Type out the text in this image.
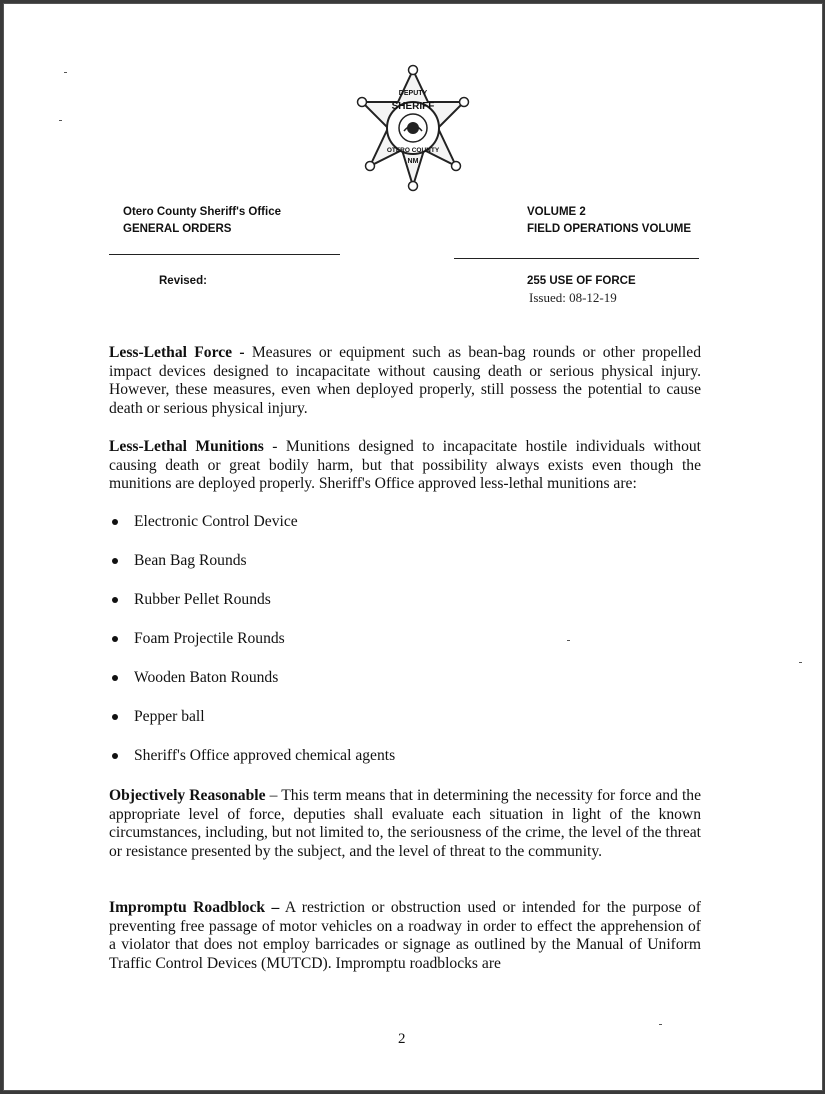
DEPUTY
SHERIFF
OTERO COUNTY
NM
Otero County Sheriff's Office
GENERAL ORDERS
VOLUME 2
FIELD OPERATIONS VOLUME
Revised:	255 USE OF FORCE
Issued: 08-12-19
Less-Lethal Force - Measures or equipment such as bean-bag rounds or other propelled impact devices designed to incapacitate without causing death or serious physical injury. However, these measures, even when deployed properly, still possess the potential to cause death or serious physical injury.
Less-Lethal Munitions - Munitions designed to incapacitate hostile individuals without causing death or great bodily harm, but that possibility always exists even though the munitions are deployed properly. Sheriff's Office approved less-lethal munitions are:
Electronic Control Device
Bean Bag Rounds
Rubber Pellet Rounds
Foam Projectile Rounds
Wooden Baton Rounds
Pepper ball
Sheriff's Office approved chemical agents
Objectively Reasonable – This term means that in determining the necessity for force and the appropriate level of force, deputies shall evaluate each situation in light of the known circumstances, including, but not limited to, the seriousness of the crime, the level of the threat or resistance presented by the subject, and the level of threat to the community.
Impromptu Roadblock – A restriction or obstruction used or intended for the purpose of preventing free passage of motor vehicles on a roadway in order to effect the apprehension of a violator that does not employ barricades or signage as outlined by the Manual of Uniform Traffic Control Devices (MUTCD). Impromptu roadblocks are
2
